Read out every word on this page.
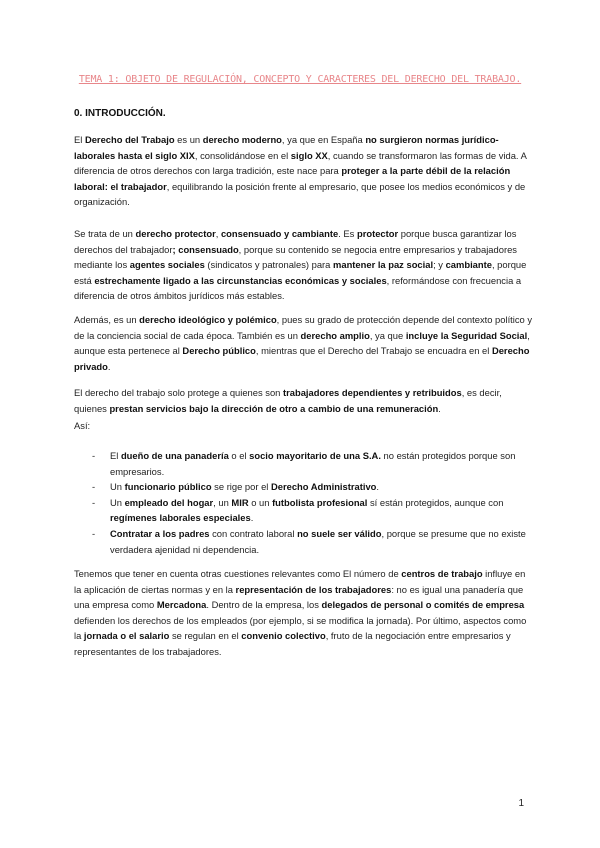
TEMA 1: OBJETO DE REGULACIÓN, CONCEPTO Y CARACTERES DEL DERECHO DEL TRABAJO.
0. INTRODUCCIÓN.

El Derecho del Trabajo es un derecho moderno, ya que en España no surgieron normas jurídico-laborales hasta el siglo XIX, consolidándose en el siglo XX, cuando se transformaron las formas de vida. A diferencia de otros derechos con larga tradición, este nace para proteger a la parte débil de la relación laboral: el trabajador, equilibrando la posición frente al empresario, que posee los medios económicos y de organización.

Se trata de un derecho protector, consensuado y cambiante. Es protector porque busca garantizar los derechos del trabajador; consensuado, porque su contenido se negocia entre empresarios y trabajadores mediante los agentes sociales (sindicatos y patronales) para mantener la paz social; y cambiante, porque está estrechamente ligado a las circunstancias económicas y sociales, reformándose con frecuencia a diferencia de otros ámbitos jurídicos más estables.

Además, es un derecho ideológico y polémico, pues su grado de protección depende del contexto político y de la conciencia social de cada época. También es un derecho amplio, ya que incluye la Seguridad Social, aunque esta pertenece al Derecho público, mientras que el Derecho del Trabajo se encuadra en el Derecho privado.

El derecho del trabajo solo protege a quienes son trabajadores dependientes y retribuidos, es decir, quienes prestan servicios bajo la dirección de otro a cambio de una remuneración.

Así:

- El dueño de una panadería o el socio mayoritario de una S.A. no están protegidos porque son empresarios.
- Un funcionario público se rige por el Derecho Administrativo.
- Un empleado del hogar, un MIR o un futbolista profesional sí están protegidos, aunque con regímenes laborales especiales.
- Contratar a los padres con contrato laboral no suele ser válido, porque se presume que no existe verdadera ajenidad ni dependencia.

Tenemos que tener en cuenta otras cuestiones relevantes como El número de centros de trabajo influye en la aplicación de ciertas normas y en la representación de los trabajadores: no es igual una panadería que una empresa como Mercadona. Dentro de la empresa, los delegados de personal o comités de empresa defienden los derechos de los empleados (por ejemplo, si se modifica la jornada). Por último, aspectos como la jornada o el salario se regulan en el convenio colectivo, fruto de la negociación entre empresarios y representantes de los trabajadores.

1
